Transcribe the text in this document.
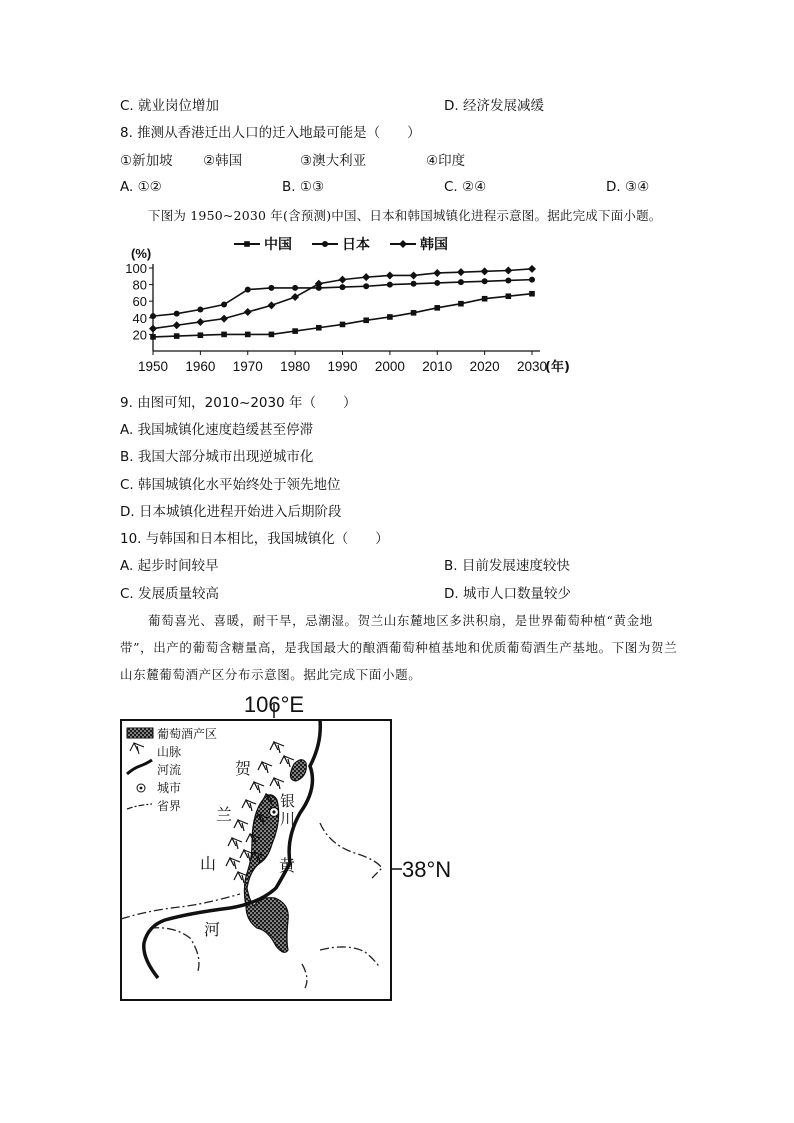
C. 就业岗位增加	D. 经济发展减缓
8. 推测从香港迁出人口的迁入地最可能是（　　）
①新加坡 ②韩国	③澳大利亚	④印度
A. ①②	B. ①③	C. ②④	D. ③④
下图为 1950~2030 年(含预测)中国、日本和韩国城镇化进程示意图。据此完成下面小题。
中国	日本	韩国
20
40
60
80
100
1950 1960 1970 1980 1990 2000 2010 2020 2030
(%)
(年)
9. 由图可知，2010~2030 年（　　）
A. 我国城镇化速度趋缓甚至停滞
B. 我国大部分城市出现逆城市化
C. 韩国城镇化水平始终处于领先地位
D. 日本城镇化进程开始进入后期阶段
10. 与韩国和日本相比，我国城镇化（　　）
A. 起步时间较早	B. 目前发展速度较快
C. 发展质量较高	D. 城市人口数量较少
葡萄喜光、喜暖，耐干旱，忌潮湿。贺兰山东麓地区多洪积扇，是世界葡萄种植“黄金地带”，出产的葡萄含糖量高，是我国最大的酿酒葡萄种植基地和优质葡萄酒生产基地。下图为贺兰山东麓葡萄酒产区分布示意图。据此完成下面小题。
106°E
38°N
贺
兰
山
银
川
黄
河
葡萄酒产区
山脉
河流
城市
省界
